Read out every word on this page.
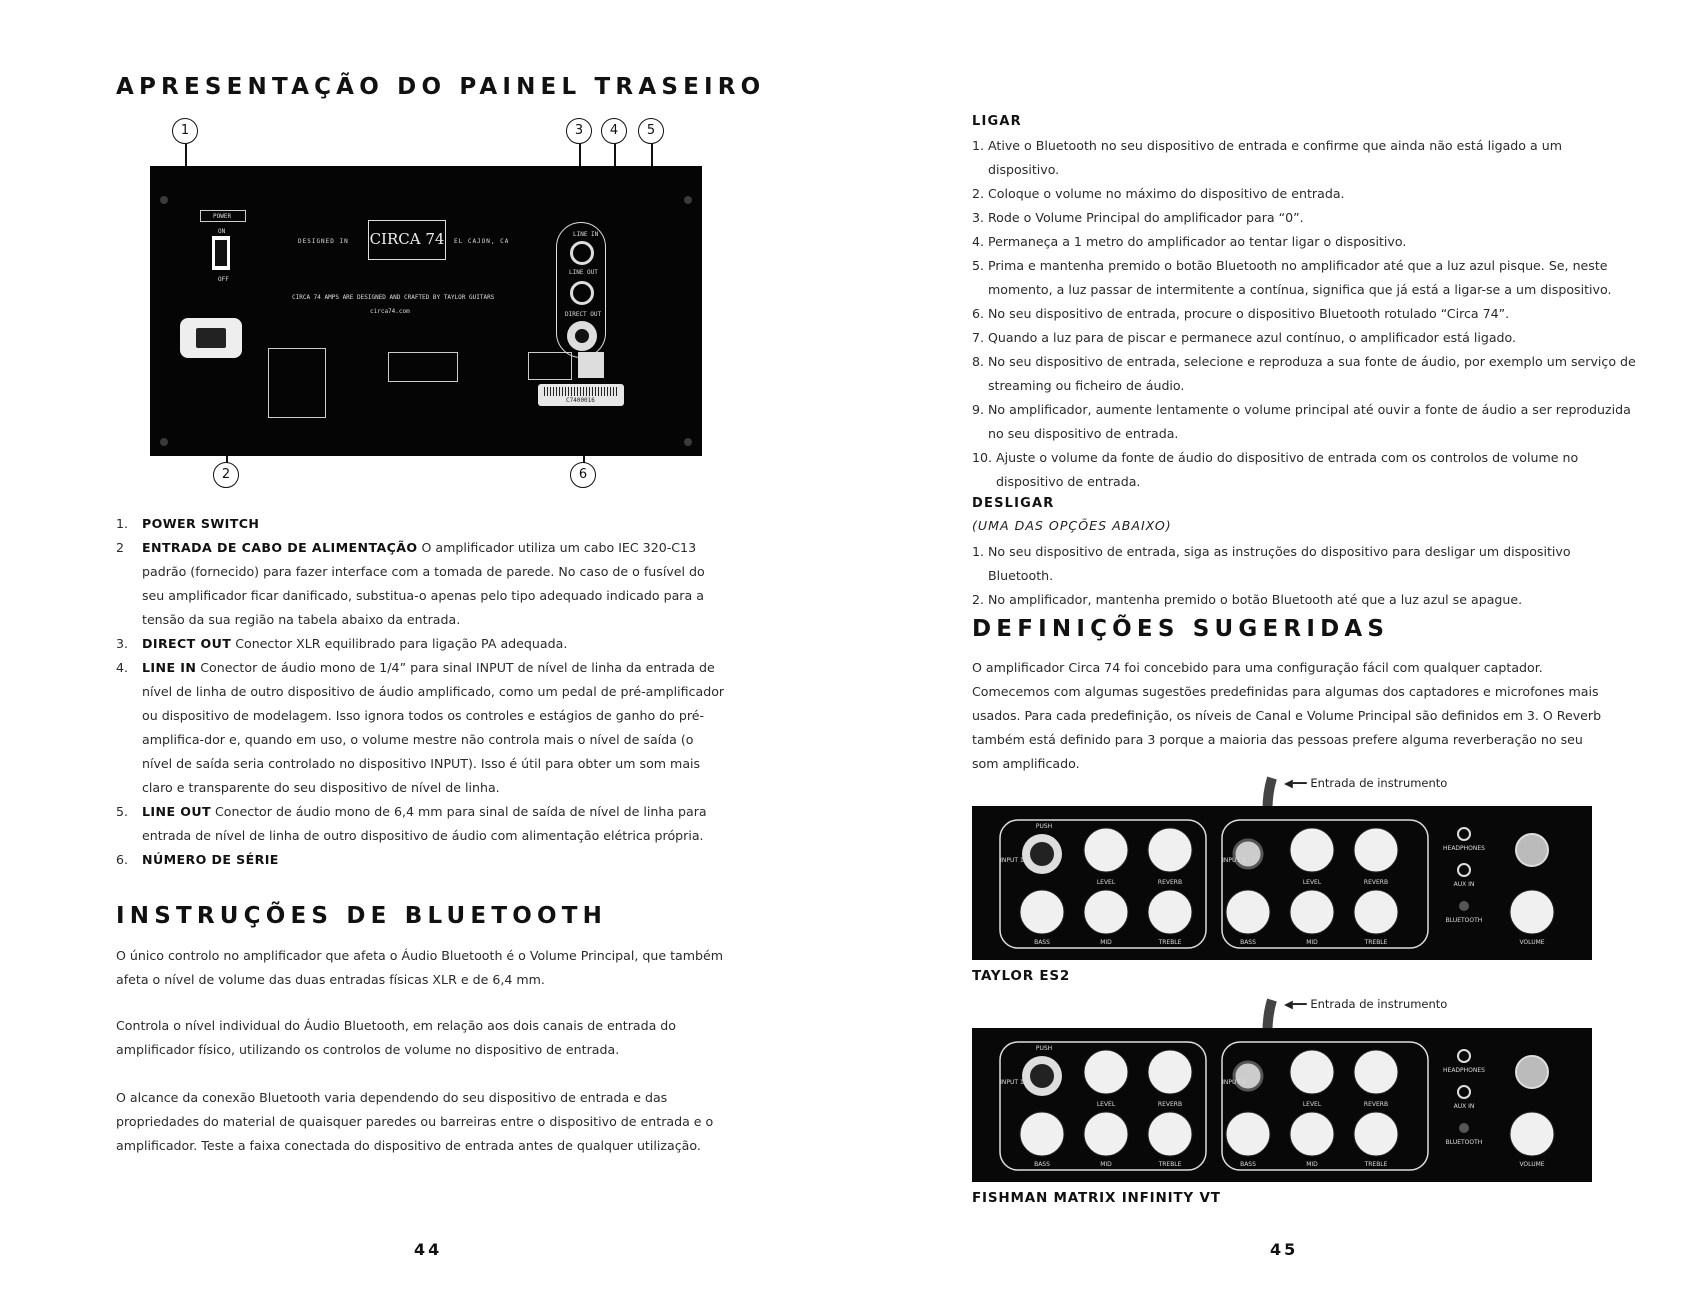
APRESENTAÇÃO DO PAINEL TRASEIRO
POWER
ON
OFF
DESIGNED IN CIRCA 74 EL CAJON, CA
CIRCA 74 AMPS ARE DESIGNED AND CRAFTED BY TAYLOR GUITARS
circa74.com
LINE IN
LINE OUT
DIRECT OUT
C7400016
1
2
3	4	5
6
1. POWER SWITCH
2 ENTRADA DE CABO DE ALIMENTAÇÃO O amplificador utiliza um cabo IEC 320-C13 padrão (fornecido) para fazer interface com a tomada de parede. No caso de o fusível do seu amplificador ficar danificado, substitua-o apenas pelo tipo adequado indicado para a tensão da sua região na tabela abaixo da entrada.
3. DIRECT OUT Conector XLR equilibrado para ligação PA adequada.
4. LINE IN Conector de áudio mono de 1/4” para sinal INPUT de nível de linha da entrada de nível de linha de outro dispositivo de áudio amplificado, como um pedal de pré-amplificador ou dispositivo de modelagem. Isso ignora todos os controles e estágios de ganho do pré-amplifica-dor e, quando em uso, o volume mestre não controla mais o nível de saída (o nível de saída seria controlado no dispositivo INPUT). Isso é útil para obter um som mais claro e transparente do seu dispositivo de nível de linha.
5. LINE OUT Conector de áudio mono de 6,4 mm para sinal de saída de nível de linha para entrada de nível de linha de outro dispositivo de áudio com alimentação elétrica própria.
6. NÚMERO DE SÉRIE
INSTRUÇÕES DE BLUETOOTH

O único controlo no amplificador que afeta o Áudio Bluetooth é o Volume Principal, que também afeta o nível de volume das duas entradas físicas XLR e de 6,4 mm.

Controla o nível individual do Áudio Bluetooth, em relação aos dois canais de entrada do amplificador físico, utilizando os controlos de volume no dispositivo de entrada.

O alcance da conexão Bluetooth varia dependendo do seu dispositivo de entrada e das propriedades do material de quaisquer paredes ou barreiras entre o dispositivo de entrada e o amplificador. Teste a faixa conectada do dispositivo de entrada antes de qualquer utilização.

44
LIGAR
1. Ative o Bluetooth no seu dispositivo de entrada e confirme que ainda não está ligado a um dispositivo.
2. Coloque o volume no máximo do dispositivo de entrada.
3. Rode o Volume Principal do amplificador para “0”.
4. Permaneça a 1 metro do amplificador ao tentar ligar o dispositivo.
5. Prima e mantenha premido o botão Bluetooth no amplificador até que a luz azul pisque. Se, neste momento, a luz passar de intermitente a contínua, significa que já está a ligar-se a um dispositivo.
6. No seu dispositivo de entrada, procure o dispositivo Bluetooth rotulado “Circa 74”.
7. Quando a luz para de piscar e permanece azul contínuo, o amplificador está ligado.
8. No seu dispositivo de entrada, selecione e reproduza a sua fonte de áudio, por exemplo um serviço de streaming ou ficheiro de áudio.
9. No amplificador, aumente lentamente o volume principal até ouvir a fonte de áudio a ser reproduzida no seu dispositivo de entrada.
10. Ajuste o volume da fonte de áudio do dispositivo de entrada com os controlos de volume no dispositivo de entrada.
DESLIGAR
(UMA DAS OPÇÕES ABAIXO)
1. No seu dispositivo de entrada, siga as instruções do dispositivo para desligar um dispositivo Bluetooth.
2. No amplificador, mantenha premido o botão Bluetooth até que a luz azul se apague.
DEFINIÇÕES SUGERIDAS

O amplificador Circa 74 foi concebido para uma configuração fácil com qualquer captador. Comecemos com algumas sugestões predefinidas para algumas dos captadores e microfones mais usados. Para cada predefinição, os níveis de Canal e Volume Principal são definidos em 3. O Reverb também está definido para 3 porque a maioria das pessoas prefere alguma reverberação no seu som amplificado.

◀━━ Entrada de instrumento
LEVEL	REVERB
BASS	MID	TREBLE
LEVEL	REVERB
BASS	MID	TREBLE
HEADPHONES
AUX IN
BLUETOOTH
VOLUME
PUSH
INPUT 1	INPUT 2
TAYLOR ES2
◀━━ Entrada de instrumento
LEVEL	REVERB
BASS	MID	TREBLE
LEVEL	REVERB
BASS	MID	TREBLE
HEADPHONES
AUX IN
BLUETOOTH
VOLUME
PUSH
INPUT 1	INPUT 2
FISHMAN MATRIX INFINITY VT
45
